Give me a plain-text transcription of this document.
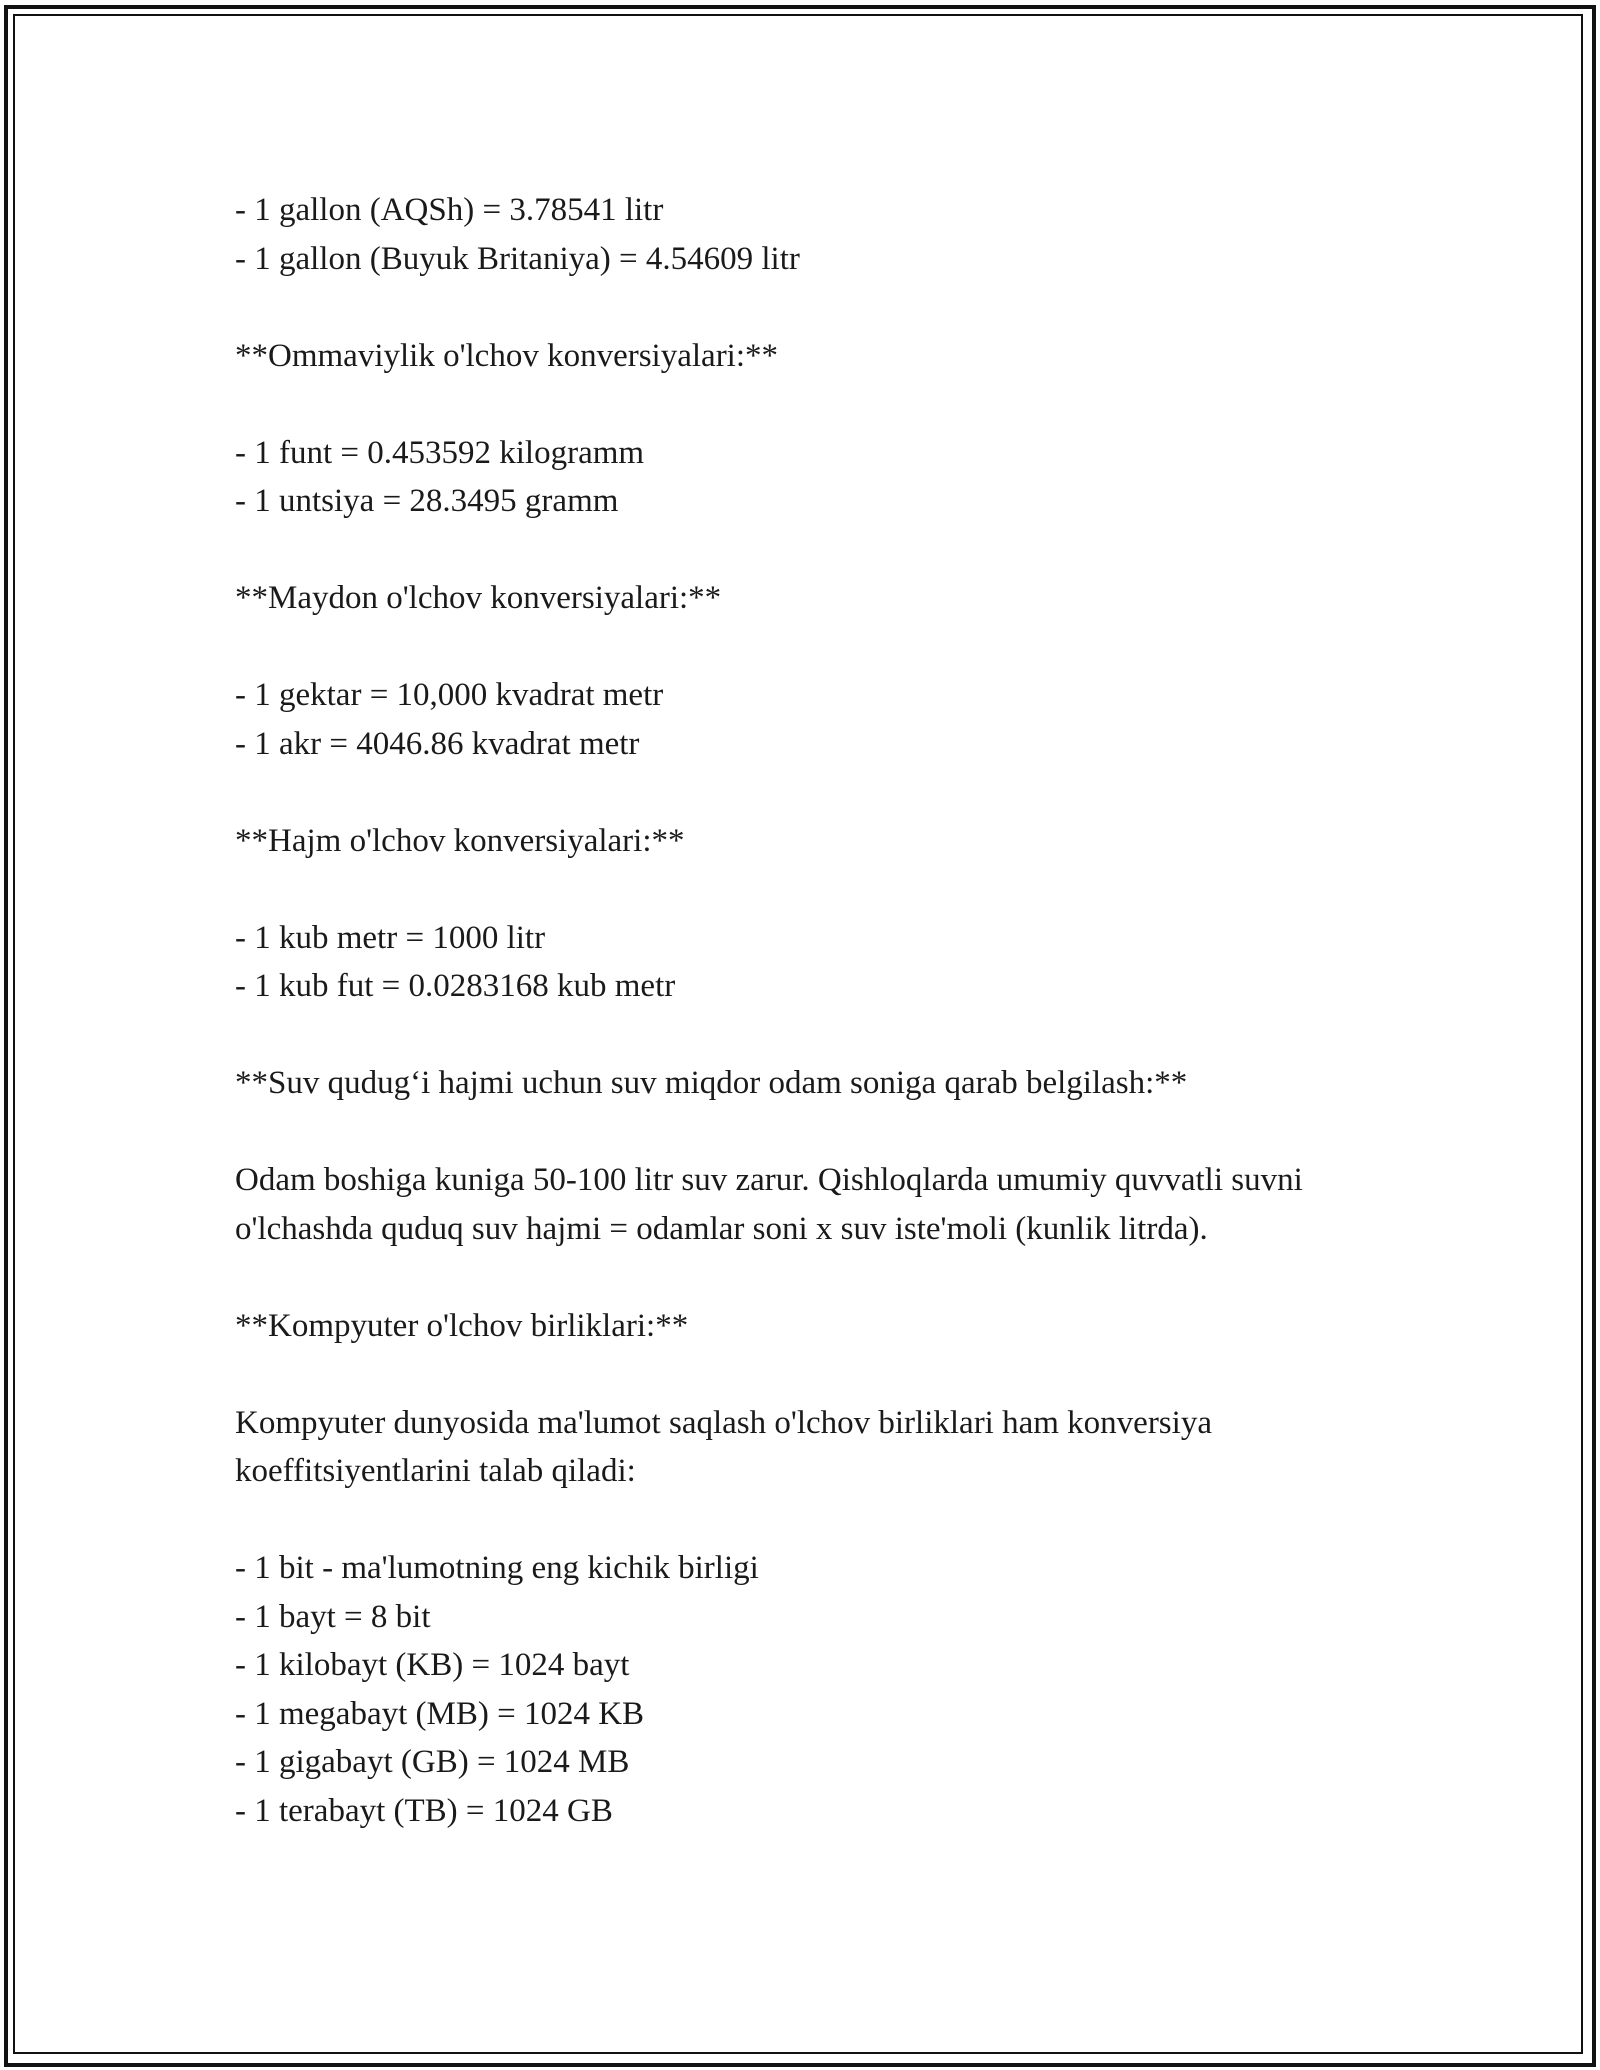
- 1 gallon (AQSh) = 3.78541 litr
- 1 gallon (Buyuk Britaniya) = 4.54609 litr
**Ommaviylik o'lchov konversiyalari:**
- 1 funt = 0.453592 kilogramm
- 1 untsiya = 28.3495 gramm
**Maydon o'lchov konversiyalari:**
- 1 gektar = 10,000 kvadrat metr
- 1 akr = 4046.86 kvadrat metr
**Hajm o'lchov konversiyalari:**
- 1 kub metr = 1000 litr
- 1 kub fut = 0.0283168 kub metr
**Suv qudug‘i hajmi uchun suv miqdor odam soniga qarab belgilash:**
Odam boshiga kuniga 50-100 litr suv zarur. Qishloqlarda umumiy quvvatli suvni o'lchashda quduq suv hajmi = odamlar soni x suv iste'moli (kunlik litrda).
**Kompyuter o'lchov birliklari:**
Kompyuter dunyosida ma'lumot saqlash o'lchov birliklari ham konversiya koeffitsiyentlarini talab qiladi:
- 1 bit - ma'lumotning eng kichik birligi
- 1 bayt = 8 bit
- 1 kilobayt (KB) = 1024 bayt
- 1 megabayt (MB) = 1024 KB
- 1 gigabayt (GB) = 1024 MB
- 1 terabayt (TB) = 1024 GB
